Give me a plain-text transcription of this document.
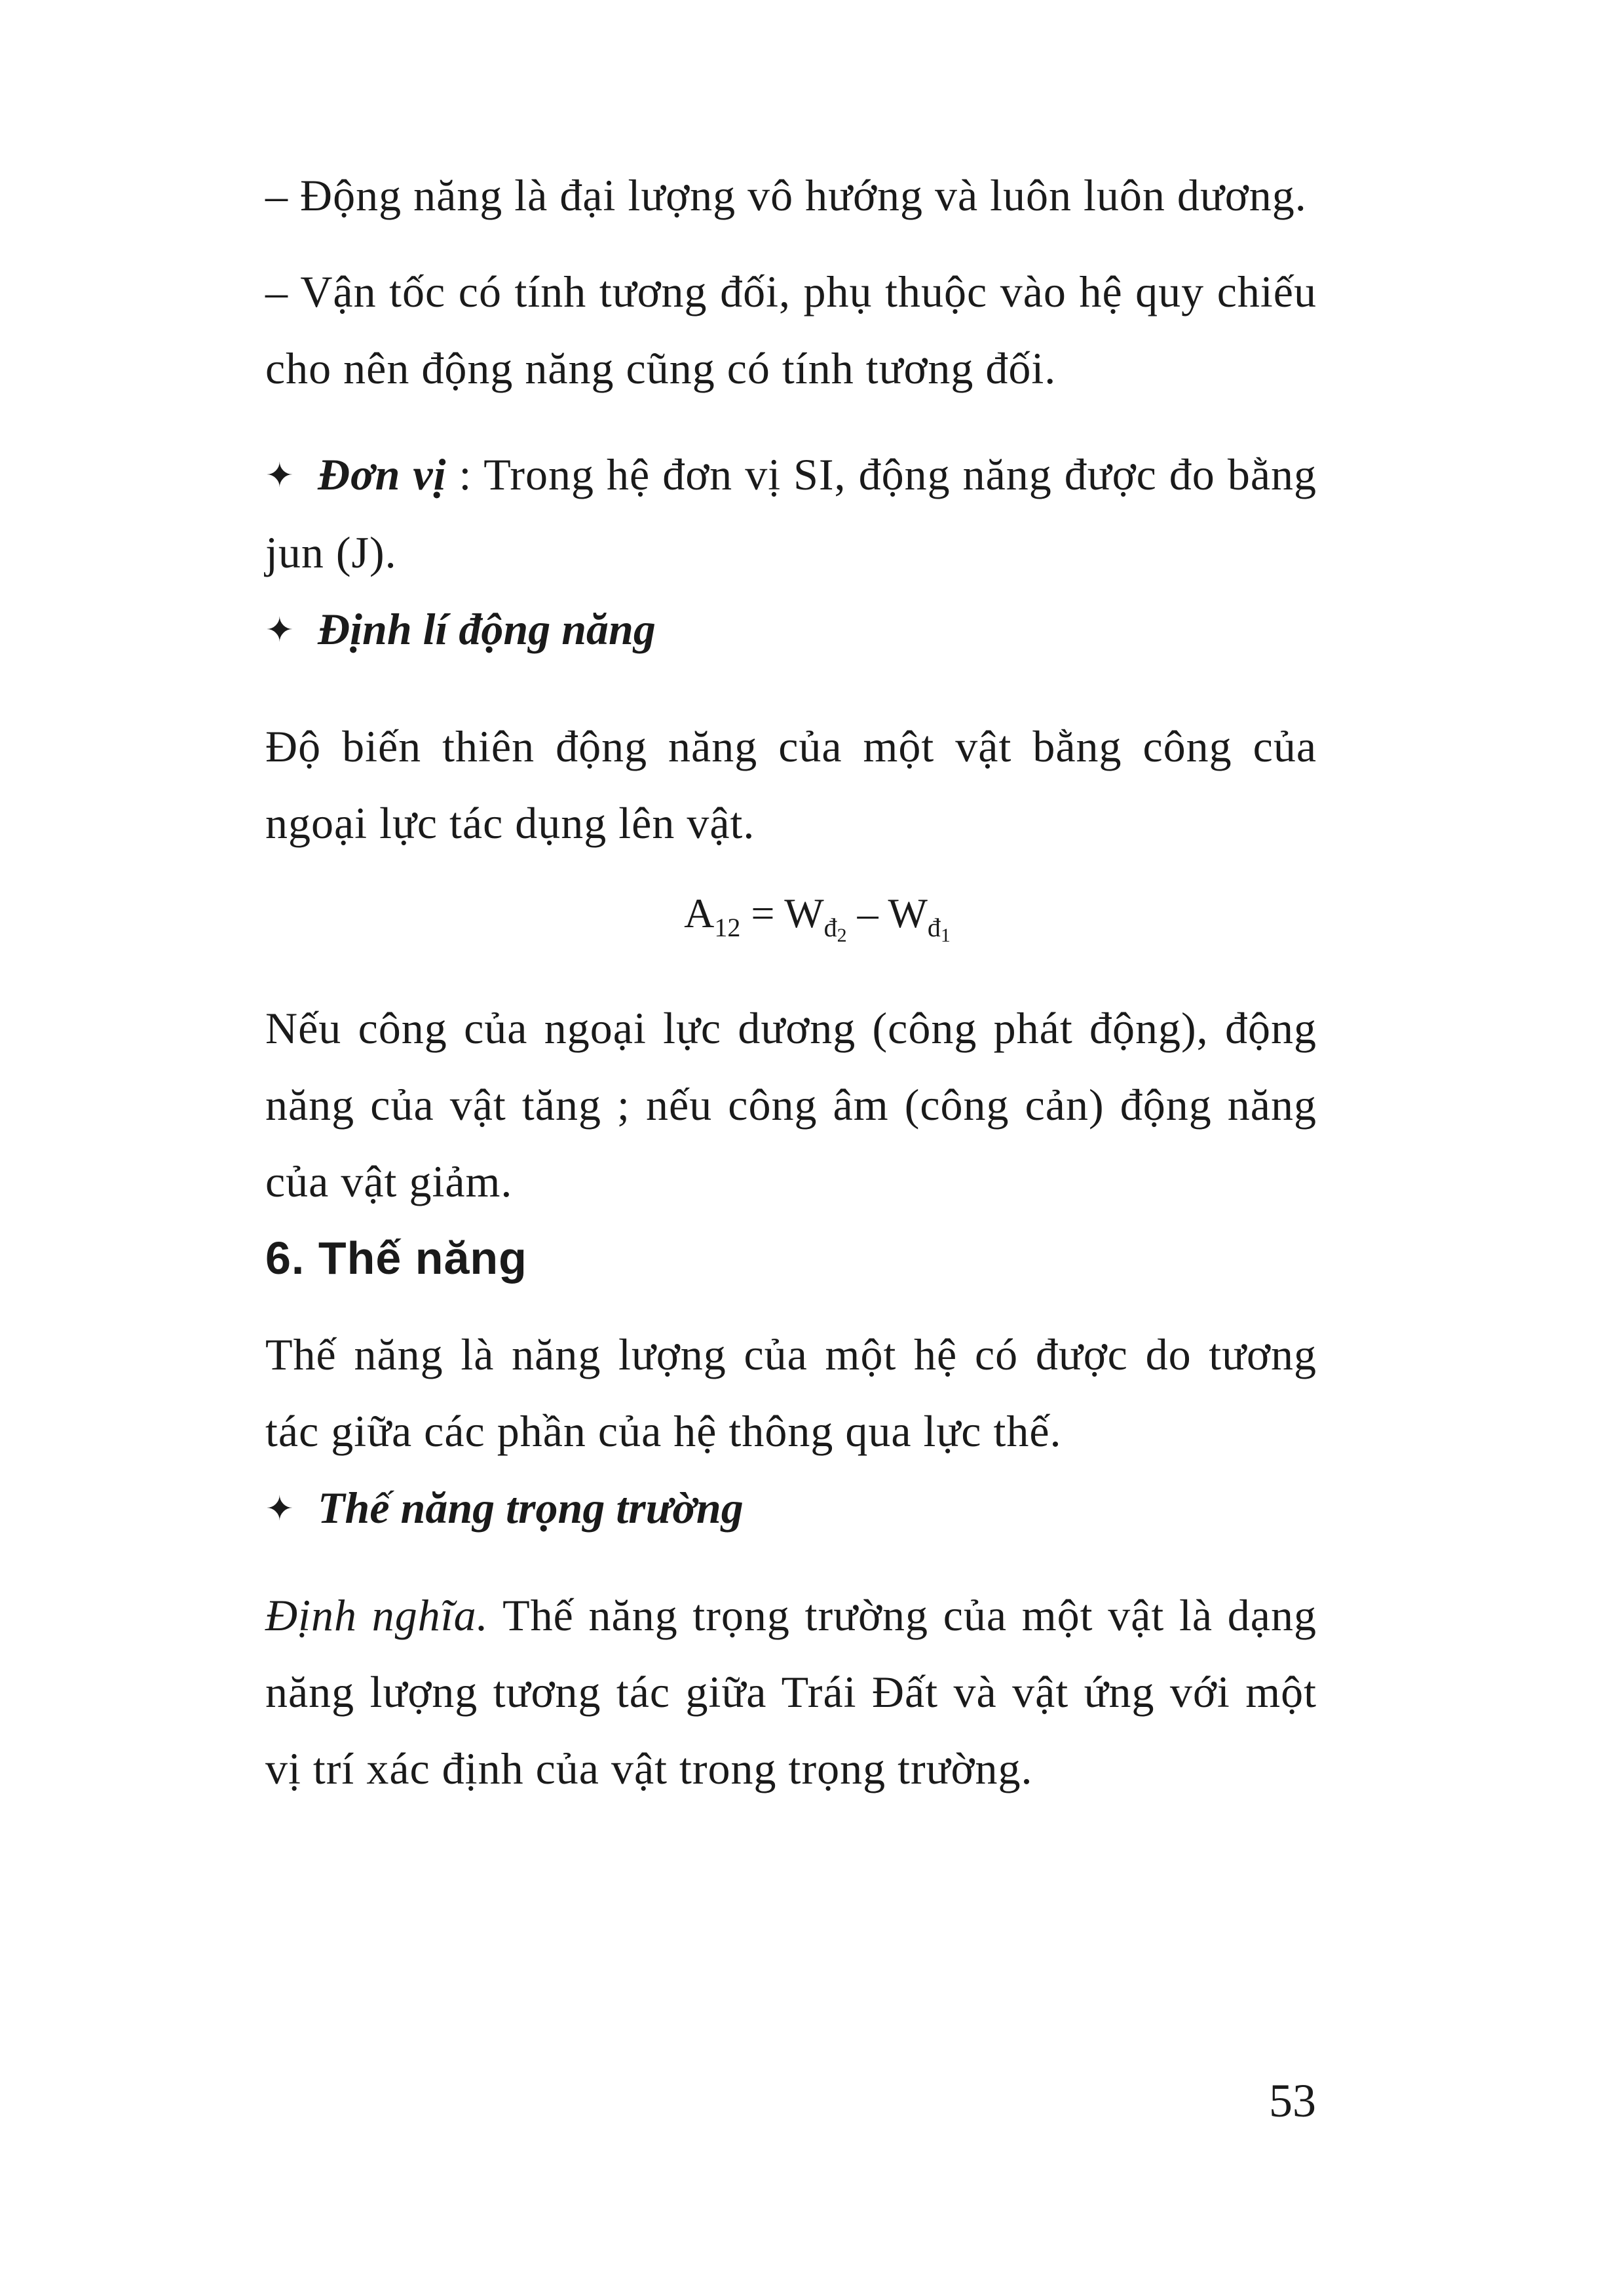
– Động năng là đại lượng vô hướng và luôn luôn dương.

– Vận tốc có tính tương đối, phụ thuộc vào hệ quy chiếu cho nên động năng cũng có tính tương đối.

✦ Đơn vị : Trong hệ đơn vị SI, động năng được đo bằng jun (J).

✦ Định lí động năng

Độ biến thiên động năng của một vật bằng công của ngoại lực tác dụng lên vật.

$A_{12} = W_{đ_2} - W_{đ_1}$

Nếu công của ngoại lực dương (công phát động), động năng của vật tăng ; nếu công âm (công cản) động năng của vật giảm.

6. Thế năng

Thế năng là năng lượng của một hệ có được do tương tác giữa các phần của hệ thông qua lực thế.

✦ Thế năng trọng trường

Định nghĩa. Thế năng trọng trường của một vật là dạng năng lượng tương tác giữa Trái Đất và vật ứng với một vị trí xác định của vật trong trọng trường.

53
